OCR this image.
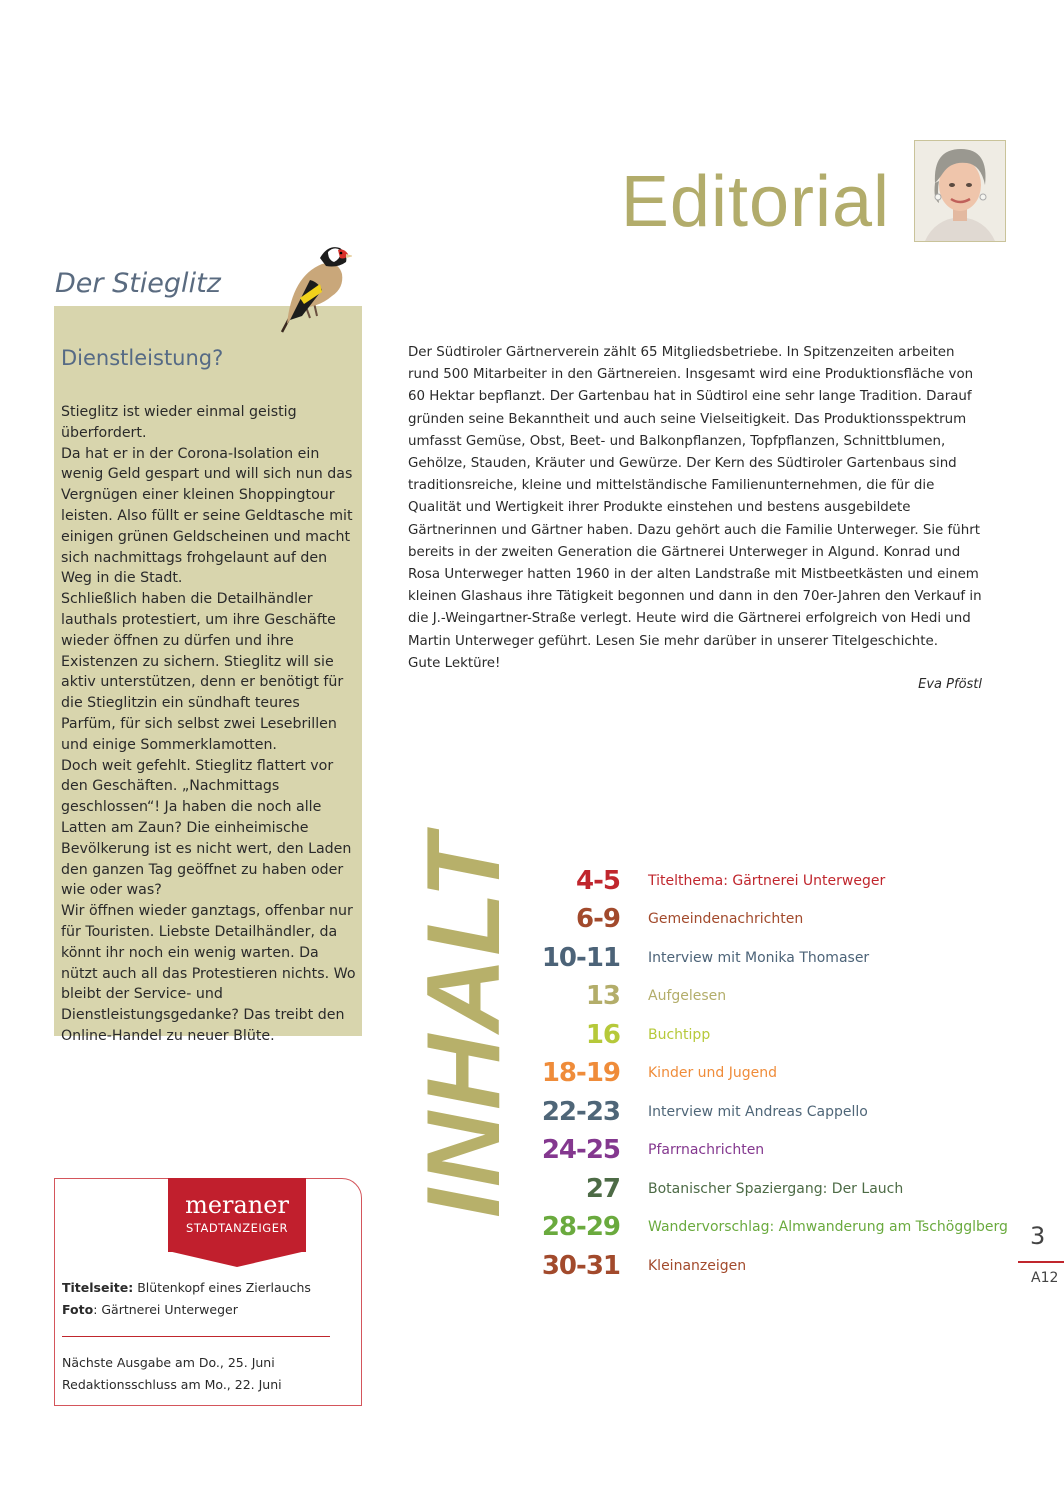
Editorial
Der Stieglitz
Dienstleistung?

Stieglitz ist wieder einmal geistig überfordert.

Da hat er in der Corona-Isolation ein wenig Geld gespart und will sich nun das Vergnügen einer kleinen Shoppingtour leisten. Also füllt er seine Geldtasche mit einigen grünen Geldscheinen und macht sich nachmittags frohgelaunt auf den Weg in die Stadt.

Schließlich haben die Detailhändler lauthals protestiert, um ihre Geschäfte wieder öffnen zu dürfen und ihre Existenzen zu sichern. Stieglitz will sie aktiv unterstützen, denn er benötigt für die Stieglitzin ein sündhaft teures Parfüm, für sich selbst zwei Lesebrillen und einige Sommerklamotten.

Doch weit gefehlt. Stieglitz flattert vor den Geschäften. „Nachmittags geschlossen“! Ja haben die noch alle Latten am Zaun? Die einheimische Bevölkerung ist es nicht wert, den Laden den ganzen Tag geöffnet zu haben oder wie oder was?

Wir öffnen wieder ganztags, offenbar nur für Touristen. Liebste Detailhändler, da könnt ihr noch ein wenig warten. Da nützt auch all das Protestieren nichts. Wo bleibt der Service- und Dienstleistungsgedanke? Das treibt den Online-Handel zu neuer Blüte.

Der Südtiroler Gärtnerverein zählt 65 Mitgliedsbetriebe. In Spitzenzeiten arbeiten

rund 500 Mitarbeiter in den Gärtnereien. Insgesamt wird eine Produktionsfläche von

60 Hektar bepflanzt. Der Gartenbau hat in Südtirol eine sehr lange Tradition. Darauf

gründen seine Bekanntheit und auch seine Vielseitigkeit. Das Produktionsspektrum

umfasst Gemüse, Obst, Beet- und Balkonpflanzen, Topfpflanzen, Schnittblumen,

Gehölze, Stauden, Kräuter und Gewürze. Der Kern des Südtiroler Gartenbaus sind

traditionsreiche, kleine und mittelständische Familienunternehmen, die für die

Qualität und Wertigkeit ihrer Produkte einstehen und bestens ausgebildete

Gärtnerinnen und Gärtner haben. Dazu gehört auch die Familie Unterweger. Sie führt

bereits in der zweiten Generation die Gärtnerei Unterweger in Algund. Konrad und

Rosa Unterweger hatten 1960 in der alten Landstraße mit Mistbeetkästen und einem

kleinen Glashaus ihre Tätigkeit begonnen und dann in den 70er-Jahren den Verkauf in

die J.-Weingartner-Straße verlegt. Heute wird die Gärtnerei erfolgreich von Hedi und

Martin Unterweger geführt. Lesen Sie mehr darüber in unserer Titelgeschichte.

Gute Lektüre!

Eva Pföstl
INHALT	4-5 Titelthema: Gärtnerei Unterweger
6-9 Gemeindenachrichten
10-11 Interview mit Monika Thomaser
13 Aufgelesen
16 Buchtipp
18-19 Kinder und Jugend
22-23 Interview mit Andreas Cappello
24-25 Pfarrnachrichten
27 Botanischer Spaziergang: Der Lauch
28-29 Wandervorschlag: Almwanderung am Tschögglberg
30-31 Kleinanzeigen
3
A12
meraner
STADTANZEIGER
Titelseite: Blütenkopf eines Zierlauchs
Foto: Gärtnerei Unterweger
Nächste Ausgabe am Do., 25. Juni
Redaktionsschluss am Mo., 22. Juni
